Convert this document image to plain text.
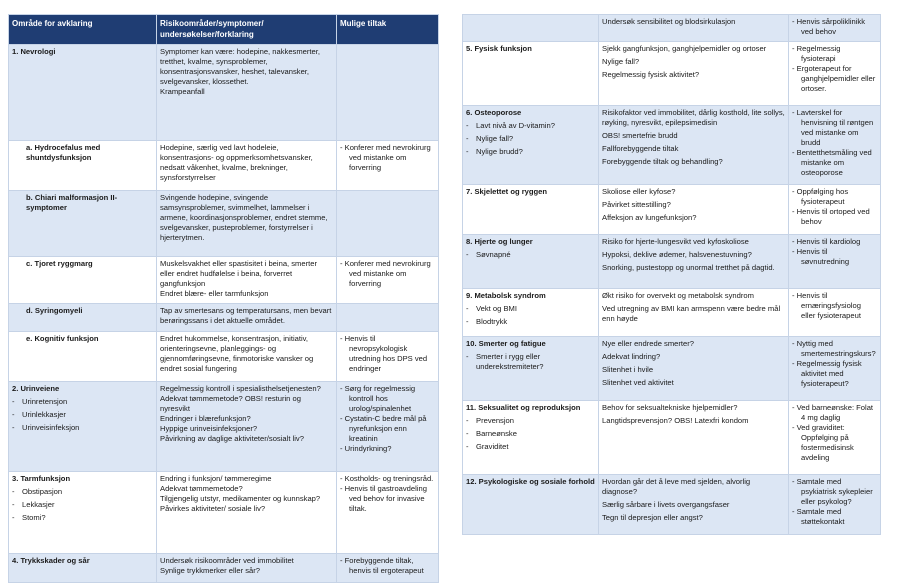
Område for avklaring	Risikoområder/symptomer/ undersøkelser/forklaring	Mulige tiltak

1. Nevrologi	Symptomer kan være: hodepine, nakkesmerter, tretthet, kvalme, synsproblemer, konsentrasjonsvansker, heshet, talevansker, svelgevansker, klossethet.
Krampeanfall	

a. Hydrocefalus med shuntdysfunksjon	Hodepine, særlig ved lavt hodeleie, konsentrasjons- og oppmerksomhetsvansker, nedsatt våkenhet, kvalme, brekninger, synsforstyrrelser	- Konferer med nevrokirurg ved mistanke om forverring

b. Chiari malformasjon II-symptomer	Svingende hodepine, svingende samsynsproblemer, svimmelhet, lammelser i armene, koordinasjonsproblemer, endret stemme, svelgevansker, pusteproblemer, forstyrrelser i hjerterytmen.	

c. Tjoret ryggmarg	Muskelsvakhet eller spastisitet i beina, smerter eller endret hudfølelse i beina, forverret gangfunksjon
Endret blære- eller tarmfunksjon	- Konferer med nevrokirurg ved mistanke om forverring

d. Syringomyeli	Tap av smertesans og temperatursans, men bevart berøringssans i det aktuelle området.	

e. Kognitiv funksjon	Endret hukommelse, konsentrasjon, initiativ, orienteringsevne, planleggings- og gjennomføringsevne, finmotoriske vansker og endret sosial fungering	- Henvis til nevropsykologisk utredning hos DPS ved endringer

2. Urinveiene
- Urinretensjon
- Urinlekkasjer
- Urinveisinfeksjon	Regelmessig kontroll i spesialisthelsetjenesten?
Adekvat tømmemetode? OBS! resturin og nyresvikt
Endringer i blærefunksjon?
Hyppige urinveisinfeksjoner?
Påvirkning av daglige aktiviteter/sosialt liv?	- Sørg for regelmessig kontroll hos urolog/spinalenhet
- Cystatin-C bedre mål på nyrefunksjon enn kreatinin
- Urindyrkning?

3. Tarmfunksjon
- Obstipasjon
- Lekkasjer
- Stomi?	Endring i funksjon/ tømmeregime
Adekvat tømmemetode?
Tilgjengelig utstyr, medikamenter og kunnskap?
Påvirkes aktiviteter/ sosiale liv?	- Kostholds- og treningsråd.
- Henvis til gastroavdeling ved behov for invasive tiltak.

4. Trykkskader og sår	Undersøk risikoområder ved immobilitet
Synlige trykkmerker eller sår?	- Forebyggende tiltak, henvis til ergoterapeut

	Undersøk sensibilitet og blodsirkulasjon	- Henvis sårpoliklinikk ved behov

5. Fysisk funksjon	Sjekk gangfunksjon, ganghjelpemidler og ortoser
Nylige fall?
Regelmessig fysisk aktivitet?	- Regelmessig fysioterapi
- Ergoterapeut for ganghjelpemidler eller ortoser.

6. Osteoporose
- Lavt nivå av D-vitamin?
- Nylige fall?
- Nylige brudd?	Risikofaktor ved immobilitet, dårlig kosthold, lite sollys, røyking, nyresvikt, epilepsimedisin
OBS! smertefrie brudd
Fallforebyggende tiltak
Forebyggende tiltak og behandling?	- Lavterskel for henvisning til røntgen ved mistanke om brudd
- Bentetthetsmåling ved mistanke om osteoporose

7. Skjelettet og ryggen	Skoliose eller kyfose?
Påvirket sittestilling?
Affeksjon av lungefunksjon?	- Oppfølging hos fysioterapeut
- Henvis til ortoped ved behov

8. Hjerte og lunger
- Søvnapné	Risiko for hjerte-lungesvikt ved kyfoskoliose
Hypoksi, deklive ødemer, halsvenestuvning?
Snorking, pustestopp og unormal tretthet på dagtid.	- Henvis til kardiolog
- Henvis til søvnutredning

9. Metabolsk syndrom
- Vekt og BMI
- Blodtrykk	Økt risiko for overvekt og metabolsk syndrom
Ved utregning av BMI kan armspenn være bedre mål enn høyde	- Henvis til ernæringsfysiolog eller fysioterapeut

10. Smerter og fatigue
- Smerter i rygg eller underekstremiteter?	Nye eller endrede smerter?
Adekvat lindring?
Slitenhet i hvile
Slitenhet ved aktivitet	- Nyttig med smertemestringskurs?
- Regelmessig fysisk aktivitet med fysioterapeut?

11. Seksualitet og reproduksjon
- Prevensjon
- Barneønske
- Graviditet	Behov for seksualtekniske hjelpemidler?
Langtidsprevensjon? OBS! Latexfri kondom	- Ved barneønske: Folat 4 mg daglig
- Ved graviditet: Oppfølging på fostermedisinsk avdeling

12. Psykologiske og sosiale forhold	Hvordan går det å leve med sjelden, alvorlig diagnose?
Særlig sårbare i livets overgangsfaser
Tegn til depresjon eller angst?	- Samtale med psykiatrisk sykepleier eller psykolog?
- Samtale med støttekontakt
